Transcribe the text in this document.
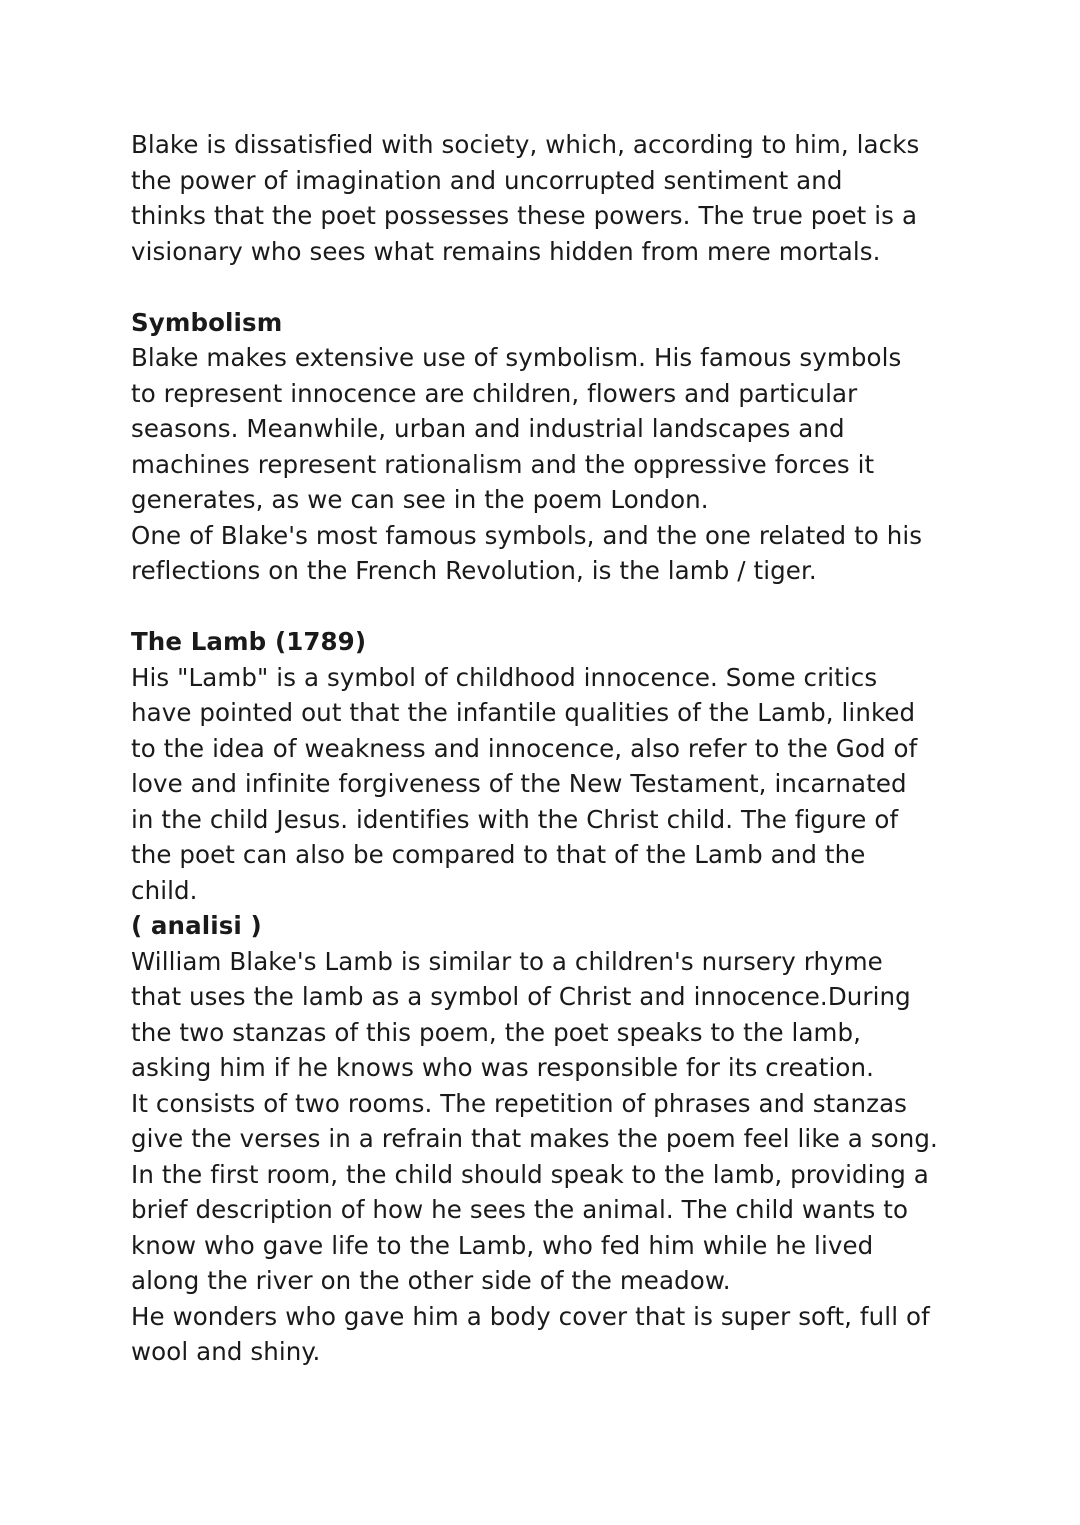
Blake is dissatisfied with society, which, according to him, lacks
the power of imagination and uncorrupted sentiment and
thinks that the poet possesses these powers. The true poet is a
visionary who sees what remains hidden from mere mortals.
Symbolism
Blake makes extensive use of symbolism. His famous symbols
to represent innocence are children, flowers and particular
seasons. Meanwhile, urban and industrial landscapes and
machines represent rationalism and the oppressive forces it
generates, as we can see in the poem London.
One of Blake's most famous symbols, and the one related to his
reflections on the French Revolution, is the lamb / tiger.
The Lamb (1789)
His "Lamb" is a symbol of childhood innocence. Some critics
have pointed out that the infantile qualities of the Lamb, linked
to the idea of weakness and innocence, also refer to the God of
love and infinite forgiveness of the New Testament, incarnated
in the child Jesus. identifies with the Christ child. The figure of
the poet can also be compared to that of the Lamb and the
child.
( analisi )
William Blake's Lamb is similar to a children's nursery rhyme
that uses the lamb as a symbol of Christ and innocence.During
the two stanzas of this poem, the poet speaks to the lamb,
asking him if he knows who was responsible for its creation.
It consists of two rooms. The repetition of phrases and stanzas
give the verses in a refrain that makes the poem feel like a song.
In the first room, the child should speak to the lamb, providing a
brief description of how he sees the animal. The child wants to
know who gave life to the Lamb, who fed him while he lived
along the river on the other side of the meadow.
He wonders who gave him a body cover that is super soft, full of
wool and shiny.
